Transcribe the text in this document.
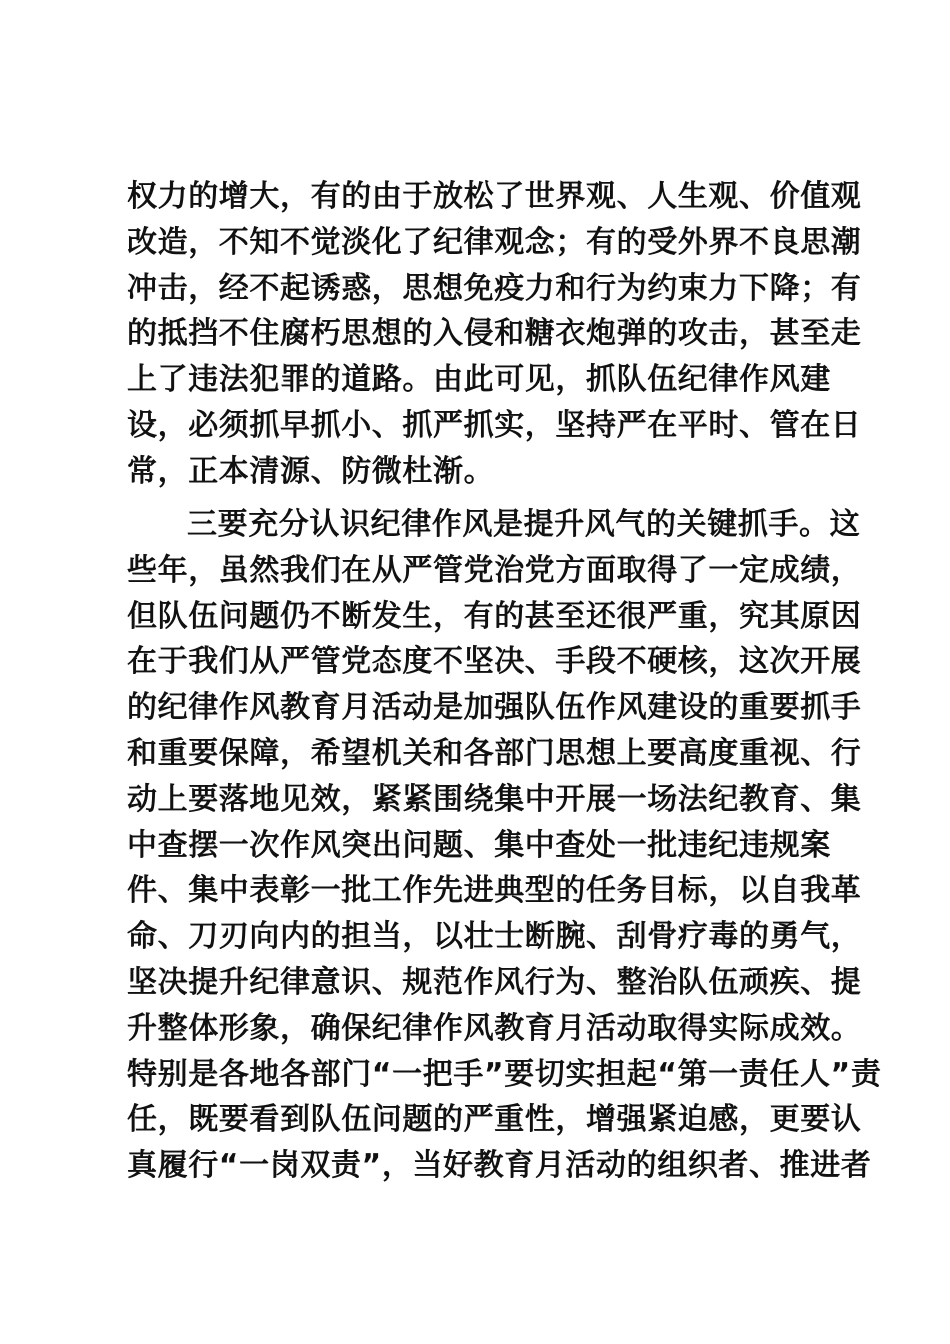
权力的增大，有的由于放松了世界观、人生观、价值观
改造，不知不觉淡化了纪律观念；有的受外界不良思潮
冲击，经不起诱惑，思想免疫力和行为约束力下降；有
的抵挡不住腐朽思想的入侵和糖衣炮弹的攻击，甚至走
上了违法犯罪的道路。由此可见，抓队伍纪律作风建
设，必须抓早抓小、抓严抓实，坚持严在平时、管在日
常，正本清源、防微杜渐。
三要充分认识纪律作风是提升风气的关键抓手。这
些年，虽然我们在从严管党治党方面取得了一定成绩，
但队伍问题仍不断发生，有的甚至还很严重，究其原因
在于我们从严管党态度不坚决、手段不硬核，这次开展
的纪律作风教育月活动是加强队伍作风建设的重要抓手
和重要保障，希望机关和各部门思想上要高度重视、行
动上要落地见效，紧紧围绕集中开展一场法纪教育、集
中查摆一次作风突出问题、集中查处一批违纪违规案
件、集中表彰一批工作先进典型的任务目标，以自我革
命、刀刃向内的担当，以壮士断腕、刮骨疗毒的勇气，
坚决提升纪律意识、规范作风行为、整治队伍顽疾、提
升整体形象，确保纪律作风教育月活动取得实际成效。
特别是各地各部门“一把手”要切实担起“第一责任人”责
任，既要看到队伍问题的严重性，增强紧迫感，更要认
真履行“一岗双责”，当好教育月活动的组织者、推进者
